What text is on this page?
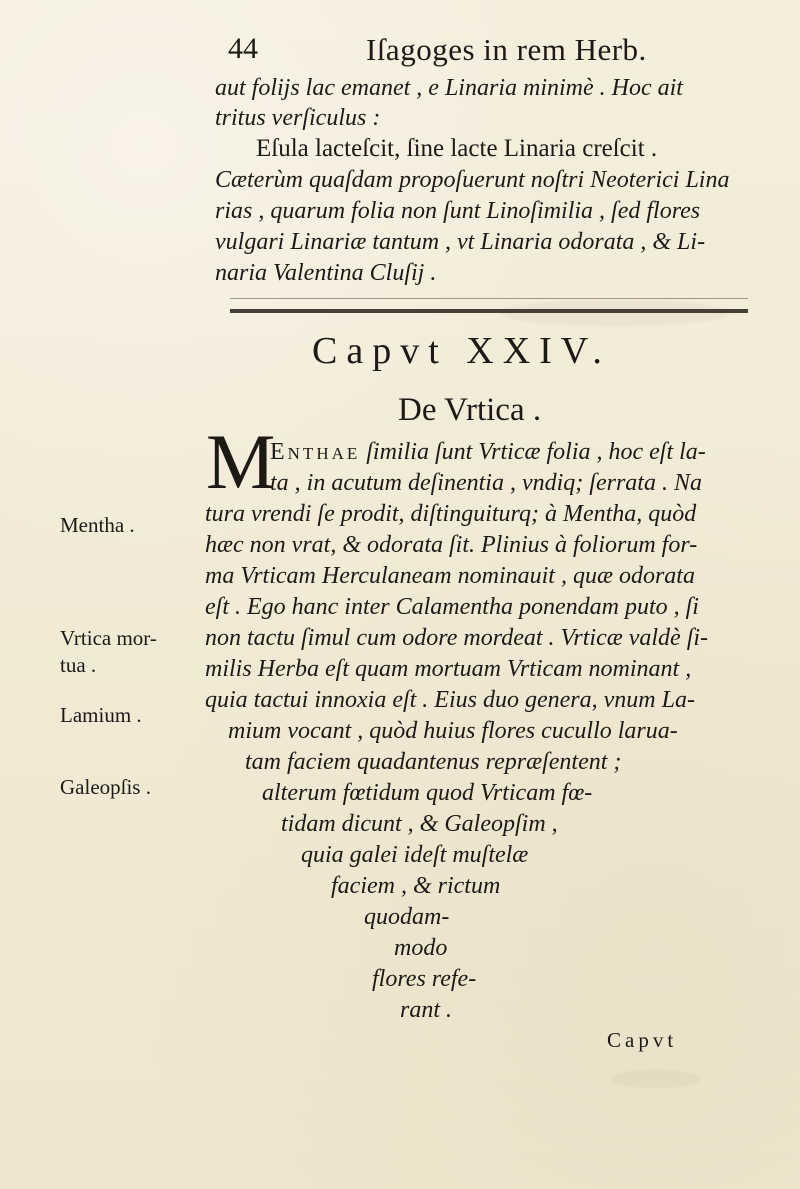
44	Iſagoges in rem Herb.
aut folijs lac emanet , e Linaria minimè . Hoc ait
tritus verſiculus :
Eſula lacteſcit, ſine lacte Linaria creſcit .
Cæterùm quaſdam propoſuerunt noſtri Neoterici Lina
rias , quarum folia non ſunt Linoſimilia , ſed flores
vulgari Linariæ tantum , vt Linaria odorata , & Li-
naria Valentina Cluſij .
Capvt XXIV.
De Vrtica .
M
Enthae ſimilia ſunt Vrticæ folia , hoc eſt la-
ta , in acutum deſinentia , vndiq; ſerrata . Na
tura vrendi ſe prodit, diſtinguiturq; à Mentha, quòd
hæc non vrat, & odorata ſit. Plinius à foliorum for-
ma Vrticam Herculaneam nominauit , quæ odorata
eſt . Ego hanc inter Calamentha ponendam puto , ſi
non tactu ſimul cum odore mordeat . Vrticæ valdè ſi-
milis Herba eſt quam mortuam Vrticam nominant ,
quia tactui innoxia eſt . Eius duo genera, vnum La-
mium vocant , quòd huius flores cucullo larua-
tam faciem quadantenus repræſentent ;
alterum fœtidum quod Vrticam fœ-
tidam dicunt , & Galeopſim ,
quia galei ideſt muſtelæ
faciem , & rictum
quodam-
modo
flores refe-
rant .
Mentha .
Vrtica mor-
tua .
Lamium .
Galeopſis .
Capvt
